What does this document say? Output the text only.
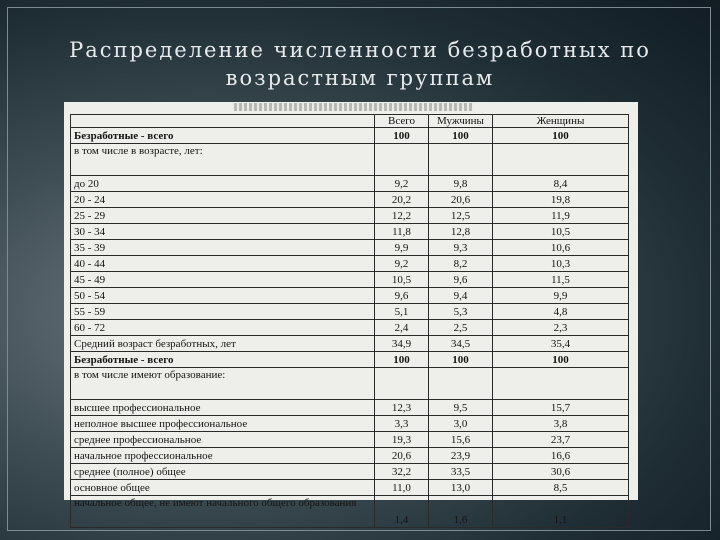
Распределение численности безработных по возрастным группам
	Всего	Мужчины	Женщины
Безработные - всего	100	100	100
в том числе в возрасте, лет:			
до 20	9,2	9,8	8,4
20 - 24	20,2	20,6	19,8
25 - 29	12,2	12,5	11,9
30 - 34	11,8	12,8	10,5
35 - 39	9,9	9,3	10,6
40 - 44	9,2	8,2	10,3
45 - 49	10,5	9,6	11,5
50 - 54	9,6	9,4	9,9
55 - 59	5,1	5,3	4,8
60 - 72	2,4	2,5	2,3
Средний возраст безработных, лет	34,9	34,5	35,4
Безработные - всего	100	100	100
в том числе имеют образование:			
высшее профессиональное	12,3	9,5	15,7
неполное высшее профессиональное	3,3	3,0	3,8
среднее профессиональное	19,3	15,6	23,7
начальное профессиональное	20,6	23,9	16,6
среднее (полное) общее	32,2	33,5	30,6
основное общее	11,0	13,0	8,5
начальное общее, не имеют начального общего образования	1,4	1,6	1,1
